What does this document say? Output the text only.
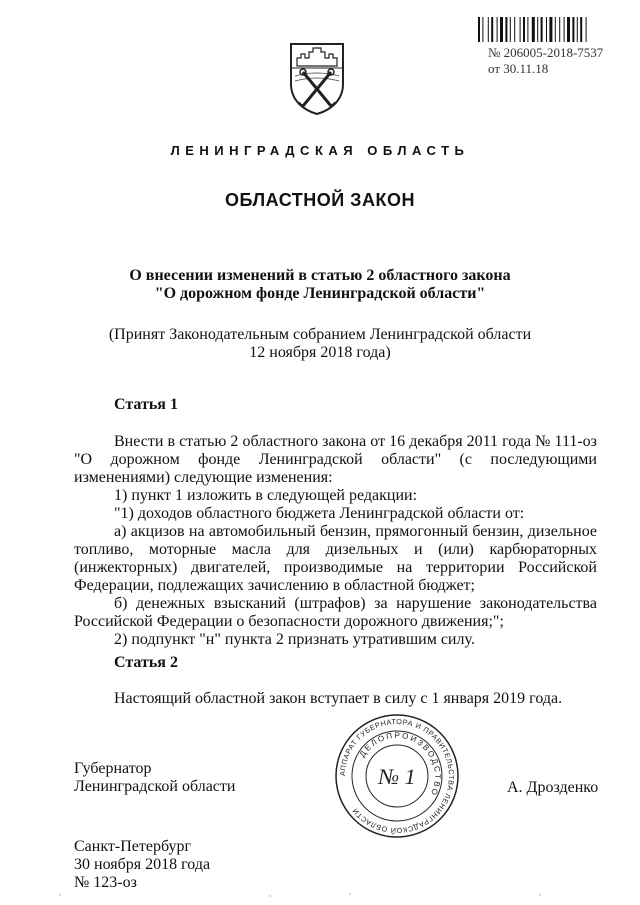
№ 206005-2018-7537
от 30.11.18
ЛЕНИНГРАДСКАЯ ОБЛАСТЬ
ОБЛАСТНОЙ ЗАКОН
О внесении изменений в статью 2 областного закона
"О дорожном фонде Ленинградской области"
(Принят Законодательным собранием Ленинградской области
12 ноября 2018 года)
Статья 1

Внести в статью 2 областного закона от 16 декабря 2011 года № 111-оз "О дорожном фонде Ленинградской области" (с последующими изменениями) следующие изменения:

1) пункт 1 изложить в следующей редакции:

"1) доходов областного бюджета Ленинградской области от:

а) акцизов на автомобильный бензин, прямогонный бензин, дизельное топливо, моторные масла для дизельных и (или) карбюраторных (инжекторных) двигателей, производимые на территории Российской Федерации, подлежащих зачислению в областной бюджет;

б) денежных взысканий (штрафов) за нарушение законодательства Российской Федерации о безопасности дорожного движения;";

2) подпункт "н" пункта 2 признать утратившим силу.

Статья 2
Настоящий областной закон вступает в силу с 1 января 2019 года.
Губернатор
Ленинградской области
АППАРАТ ГУБЕРНАТОРА И ПРАВИТЕЛЬСТВА ЛЕНИНГРАДСКОЙ ОБЛАСТИ
ДЕЛОПРОИЗВОДСТВО
№ 1	А. Дрозденко
Санкт-Петербург
30 ноября 2018 года
№ 123-оз
